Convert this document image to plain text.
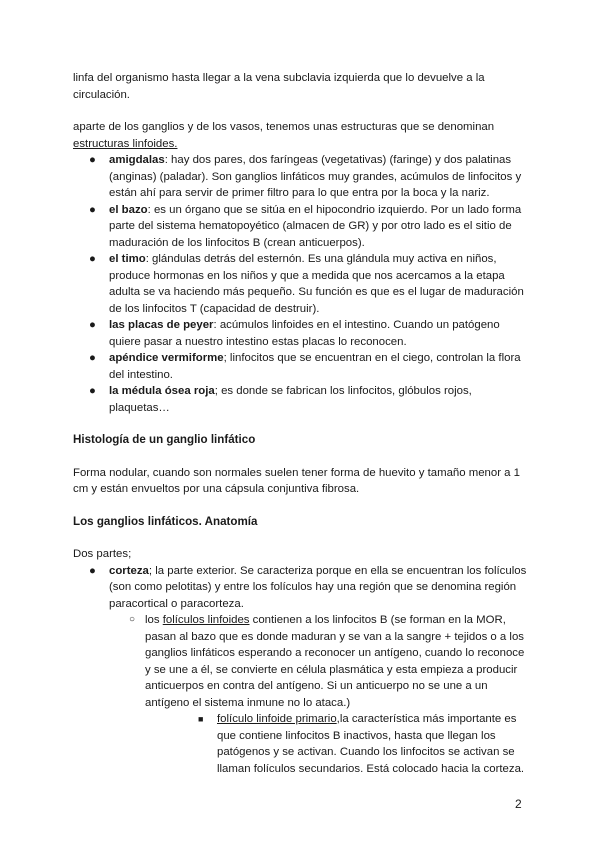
linfa del organismo hasta llegar a la vena subclavia izquierda que lo devuelve a la circulación.

aparte de los ganglios y de los vasos, tenemos unas estructuras que se denominan estructuras linfoides.

● amigdalas: hay dos pares, dos faríngeas (vegetativas) (faringe) y dos palatinas (anginas) (paladar). Son ganglios linfáticos muy grandes, acúmulos de linfocitos y están ahí para servir de primer filtro para lo que entra por la boca y la nariz.
● el bazo: es un órgano que se sitúa en el hipocondrio izquierdo. Por un lado forma parte del sistema hematopoyético (almacen de GR) y por otro lado es el sitio de maduración de los linfocitos B (crean anticuerpos).
● el timo: glándulas detrás del esternón. Es una glándula muy activa en niños, produce hormonas en los niños y que a medida que nos acercamos a la etapa adulta se va haciendo más pequeño. Su función es que es el lugar de maduración de los linfocitos T (capacidad de destruir).
● las placas de peyer: acúmulos linfoides en el intestino. Cuando un patógeno quiere pasar a nuestro intestino estas placas lo reconocen.
● apéndice vermiforme; linfocitos que se encuentran en el ciego, controlan la flora del intestino.
● la médula ósea roja; es donde se fabrican los linfocitos, glóbulos rojos, plaquetas…
Histología de un ganglio linfático

Forma nodular, cuando son normales suelen tener forma de huevito y tamaño menor a 1 cm y están envueltos por una cápsula conjuntiva fibrosa.

Los ganglios linfáticos. Anatomía

Dos partes;

● corteza; la parte exterior. Se caracteriza porque en ella se encuentran los folículos (son como pelotitas) y entre los folículos hay una región que se denomina región paracortical o paracorteza.
○ los folículos linfoides contienen a los linfocitos B (se forman en la MOR, pasan al bazo que es donde maduran y se van a la sangre + tejidos o a los ganglios linfáticos esperando a reconocer un antígeno, cuando lo reconoce y se une a él, se convierte en célula plasmática y esta empieza a producir anticuerpos en contra del antígeno. Si un anticuerpo no se une a un antígeno el sistema inmune no lo ataca.)
■ folículo linfoide primario,la característica más importante es que contiene linfocitos B inactivos, hasta que llegan los patógenos y se activan. Cuando los linfocitos se activan se llaman folículos secundarios. Está colocado hacia la corteza.
2
